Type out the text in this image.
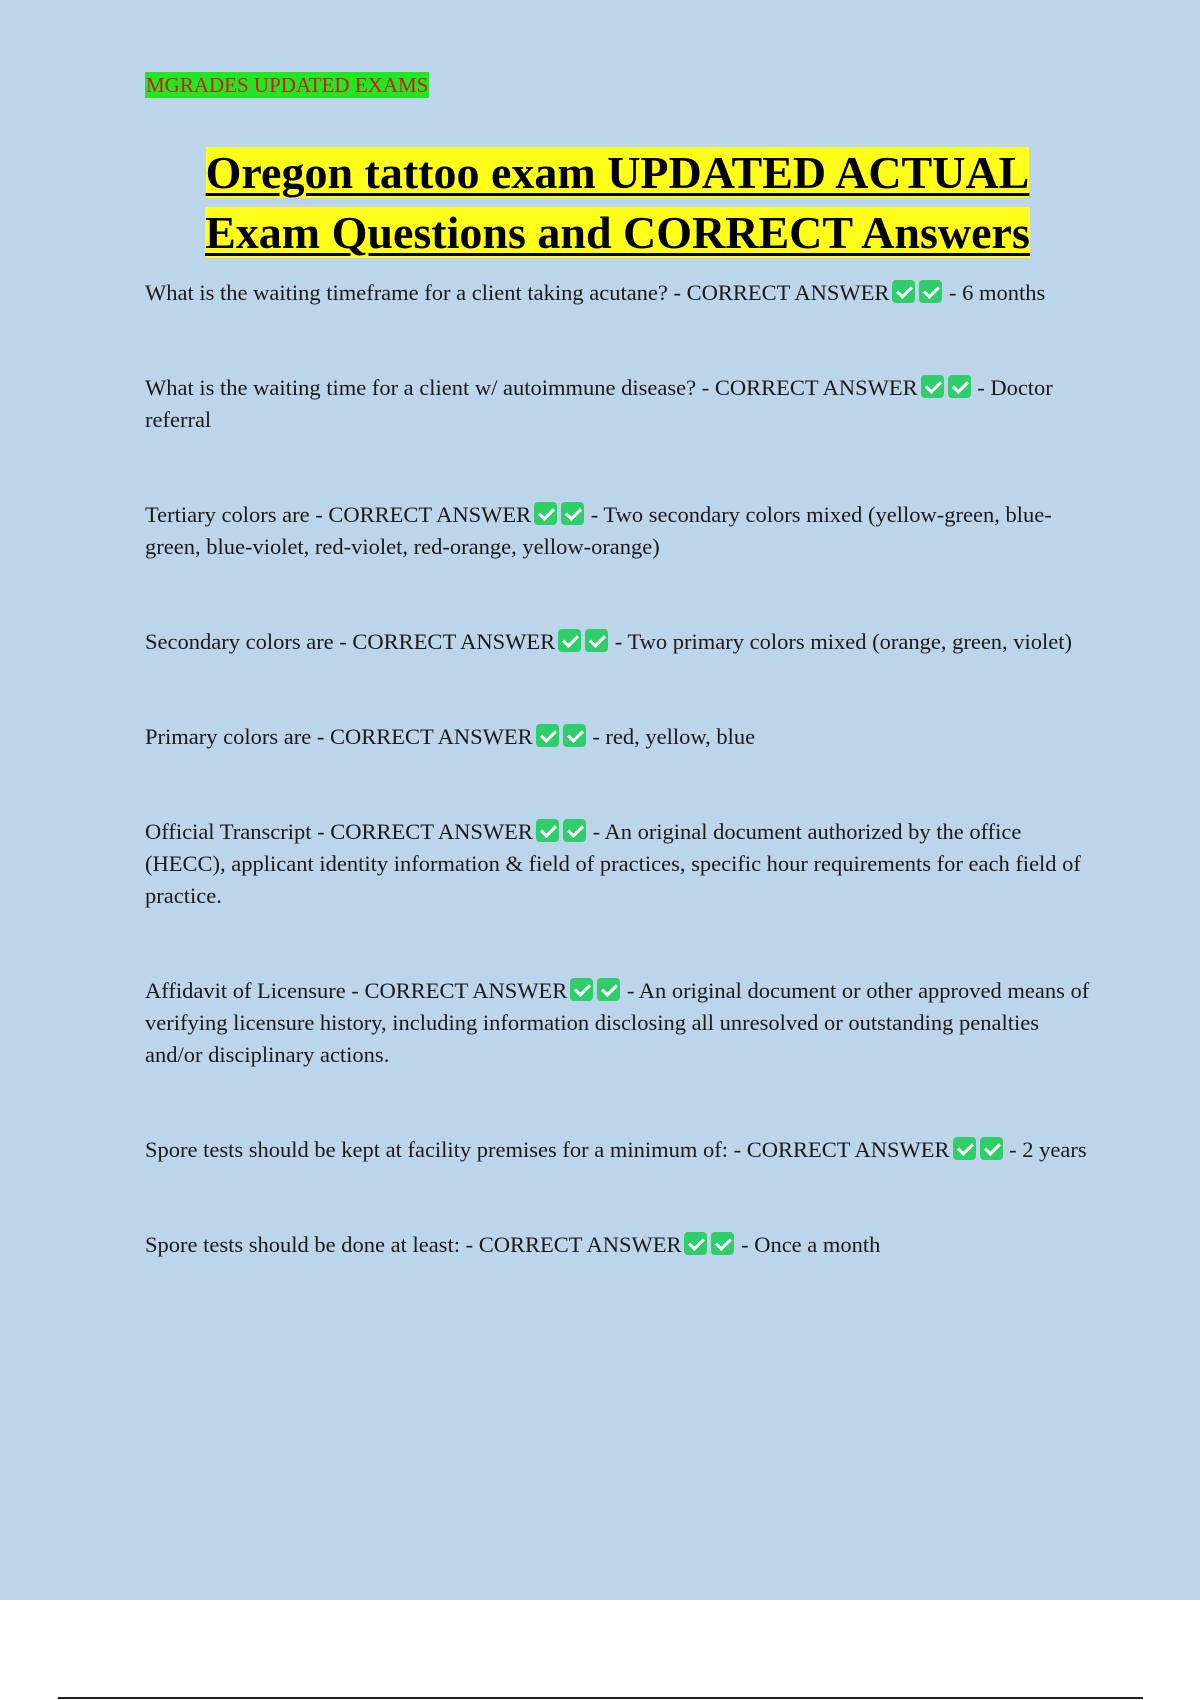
MGRADES UPDATED EXAMS
Oregon tattoo exam UPDATED ACTUAL
Exam Questions and CORRECT Answers

What is the waiting timeframe for a client taking acutane? - CORRECT ANSWER	- 6 months

What is the waiting time for a client w/ autoimmune disease? - CORRECT ANSWER	- Doctor referral

Tertiary colors are - CORRECT ANSWER	- Two secondary colors mixed (yellow-green, blue-green, blue-violet, red-violet, red-orange, yellow-orange)

Secondary colors are - CORRECT ANSWER	- Two primary colors mixed (orange, green, violet)

Primary colors are - CORRECT ANSWER	- red, yellow, blue

Official Transcript - CORRECT ANSWER	- An original document authorized by the office (HECC), applicant identity information & field of practices, specific hour requirements for each field of practice.

Affidavit of Licensure - CORRECT ANSWER	- An original document or other approved means of verifying licensure history, including information disclosing all unresolved or outstanding penalties and/or disciplinary actions.

Spore tests should be kept at facility premises for a minimum of: - CORRECT ANSWER	- 2 years

Spore tests should be done at least: - CORRECT ANSWER	- Once a month
